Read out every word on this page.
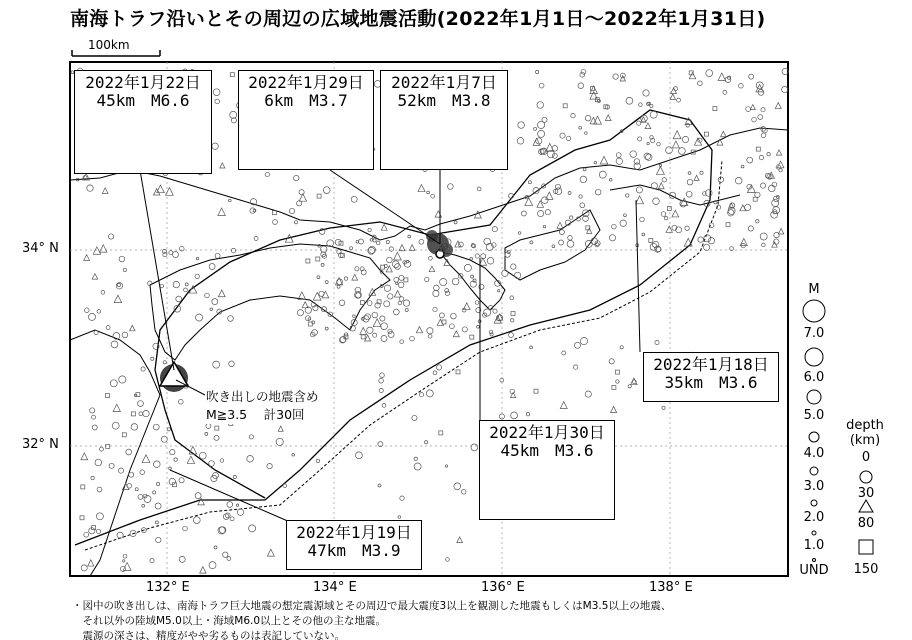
南海トラフ沿いとその周辺の広域地震活動(2022年1月1日〜2022年1月31日)
2022年1月22日
45km　M6.6
2022年1月29日
6km　M3.7
2022年1月7日
52km　M3.8
2022年1月18日
35km　M3.6
2022年1月30日
45km　M3.6
2022年1月19日
47km　M3.9
吹き出しの地震含め
M≧3.5　 計30回
100km
34° N
32° N
132° E	134° E	136° E	138° E
M
7.0
6.0
5.0
4.0
3.0
2.0
1.0
UND
depth
(km)
0
30
80
150
・図中の吹き出しは、南海トラフ巨大地震の想定震源域とその周辺で最大震度3以上を観測した地震もしくはM3.5以上の地震、
　それ以外の陸域M5.0以上・海域M6.0以上とその他の主な地震。
　震源の深さは、精度がやや劣るものは表記していない。
